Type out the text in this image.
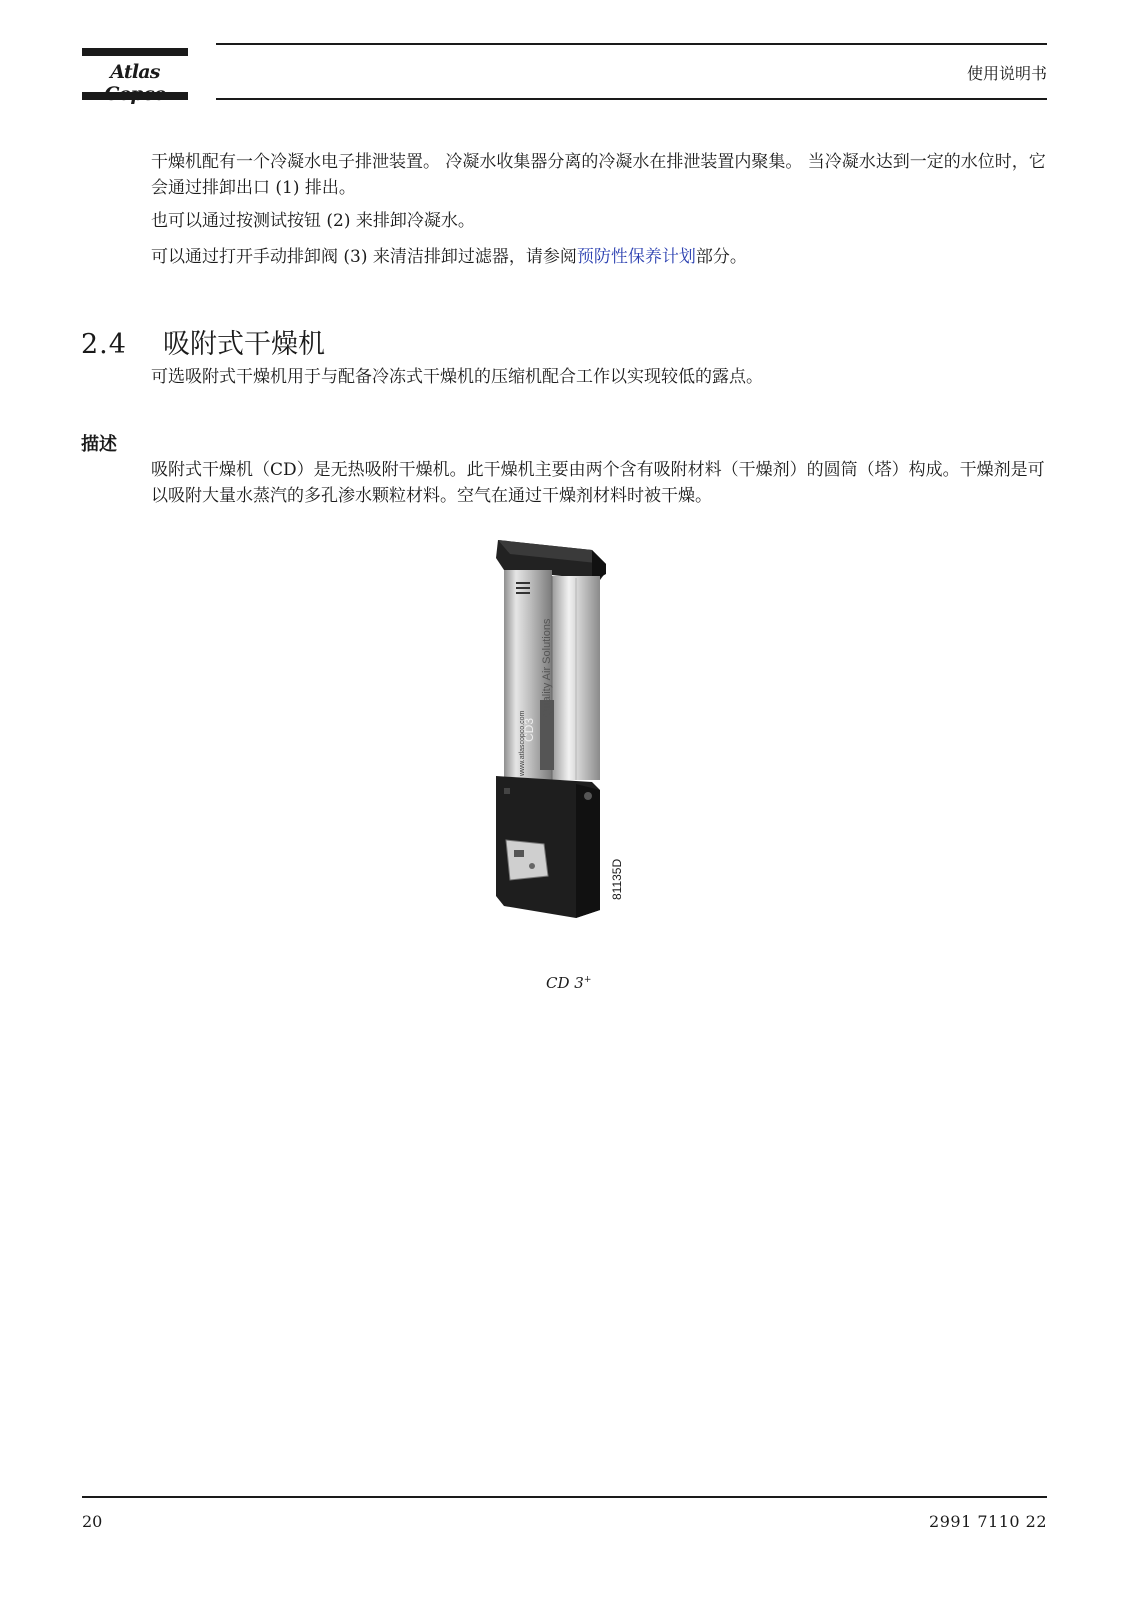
Atlas	使用说明书

干燥机配有一个冷凝水电子排泄装置。 冷凝水收集器分离的冷凝水在排泄装置内聚集。 当冷凝水达到一定的水位时，它会通过排卸出口 (1) 排出。

也可以通过按测试按钮 (2) 来排卸冷凝水。

可以通过打开手动排卸阀 (3) 来清洁排卸过滤器，请参阅预防性保养计划部分。

2.4 吸附式干燥机

可选吸附式干燥机用于与配备冷冻式干燥机的压缩机配合工作以实现较低的露点。

描述

吸附式干燥机（CD）是无热吸附干燥机。此干燥机主要由两个含有吸附材料（干燥剂）的圆筒（塔）构成。干燥剂是可以吸附大量水蒸汽的多孔渗水颗粒材料。空气在通过干燥剂材料时被干燥。

CD3
Quality Air Solutions
www.atlascopco.com
81135D
CD 3+
20	2991 7110 22
